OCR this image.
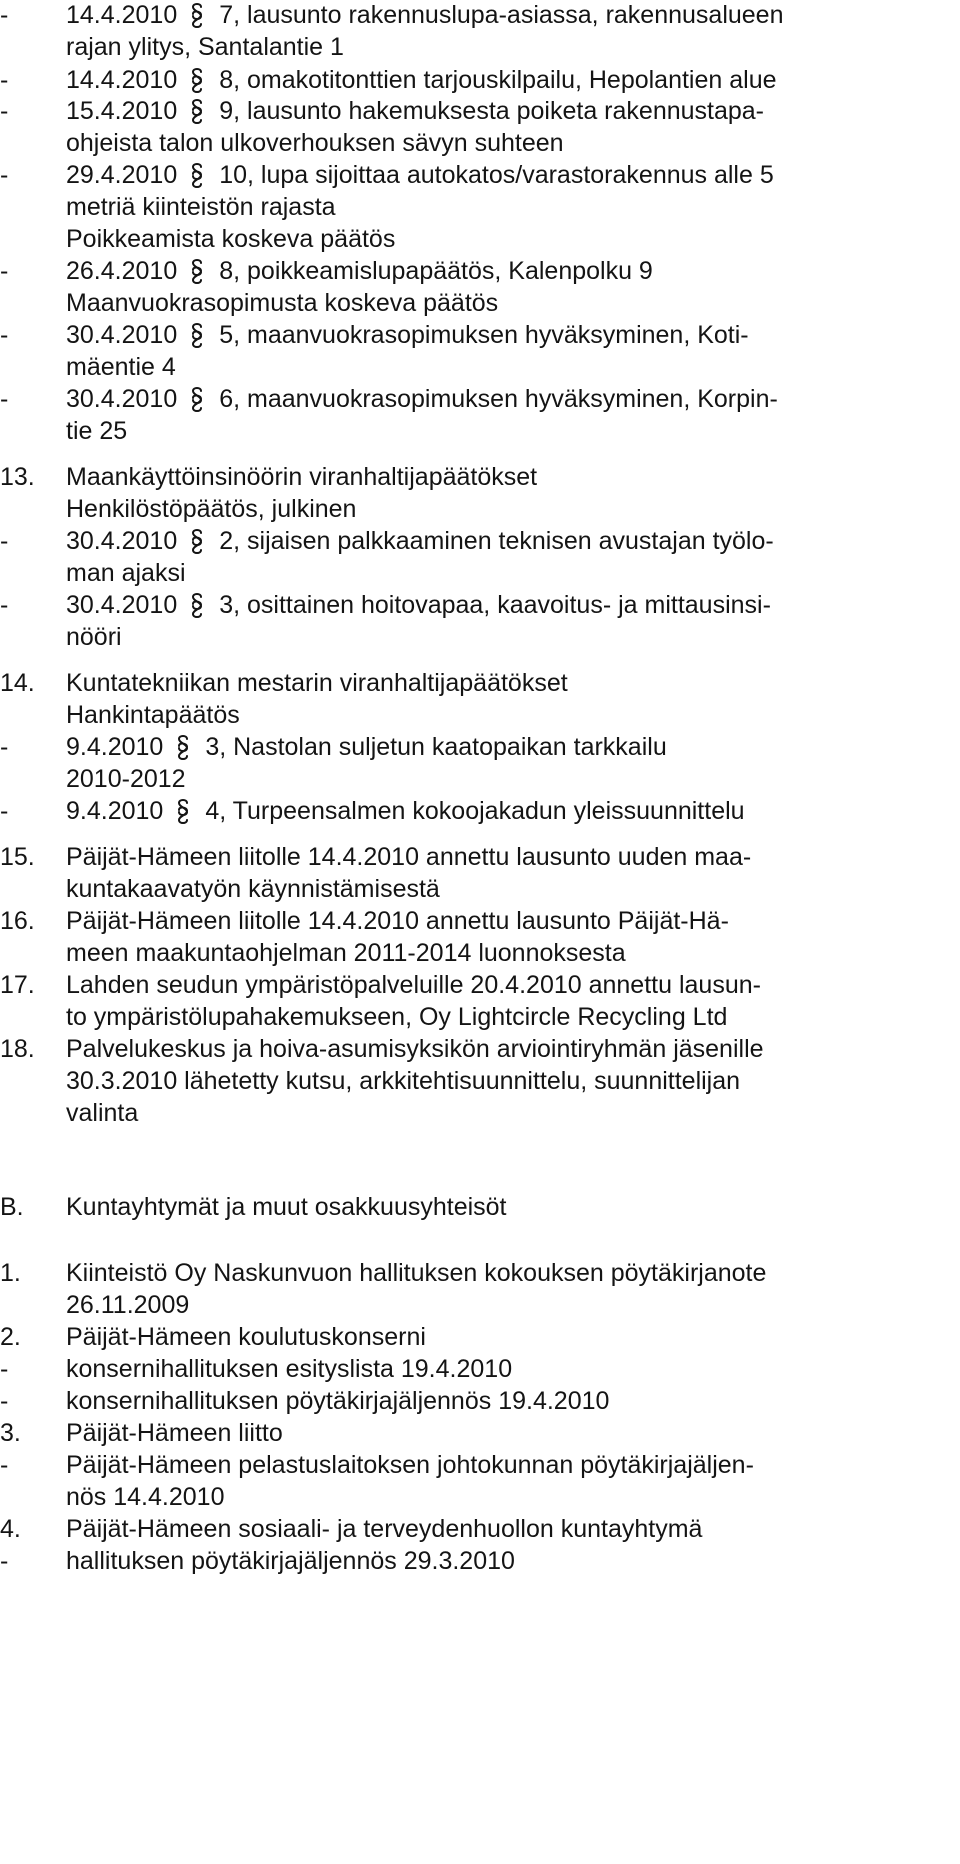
- 14.4.2010 7, lausunto rakennuslupa-asiassa, rakennusalueen
rajan ylitys, Santalantie 1
- 14.4.2010 8, omakotitonttien tarjouskilpailu, Hepolantien alue
- 15.4.2010 9, lausunto hakemuksesta poiketa rakennustapa-
ohjeista talon ulkoverhouksen sävyn suhteen
- 29.4.2010 10, lupa sijoittaa autokatos/varastorakennus alle 5
metriä kiinteistön rajasta
Poikkeamista koskeva päätös
- 26.4.2010 8, poikkeamislupapäätös, Kalenpolku 9
Maanvuokrasopimusta koskeva päätös
- 30.4.2010 5, maanvuokrasopimuksen hyväksyminen, Koti-
mäentie 4
- 30.4.2010 6, maanvuokrasopimuksen hyväksyminen, Korpin-
tie 25
13. Maankäyttöinsinöörin viranhaltijapäätökset
Henkilöstöpäätös, julkinen
- 30.4.2010 2, sijaisen palkkaaminen teknisen avustajan työlo-
man ajaksi
- 30.4.2010 3, osittainen hoitovapaa, kaavoitus- ja mittausinsi-
nööri
14. Kuntatekniikan mestarin viranhaltijapäätökset
Hankintapäätös
- 9.4.2010 3, Nastolan suljetun kaatopaikan tarkkailu
2010-2012
- 9.4.2010 4, Turpeensalmen kokoojakadun yleissuunnittelu
15. Päijät-Hämeen liitolle 14.4.2010 annettu lausunto uuden maa-
kuntakaavatyön käynnistämisestä
16. Päijät-Hämeen liitolle 14.4.2010 annettu lausunto Päijät-Hä-
meen maakuntaohjelman 2011-2014 luonnoksesta
17. Lahden seudun ympäristöpalveluille 20.4.2010 annettu lausun-
to ympäristölupahakemukseen, Oy Lightcircle Recycling Ltd
18. Palvelukeskus ja hoiva-asumisyksikön arviointiryhmän jäsenille
30.3.2010 lähetetty kutsu, arkkitehtisuunnittelu, suunnittelijan
valinta
B. Kuntayhtymät ja muut osakkuusyhteisöt
1. Kiinteistö Oy Naskunvuon hallituksen kokouksen pöytäkirjanote
26.11.2009
2. Päijät-Hämeen koulutuskonserni
- konsernihallituksen esityslista 19.4.2010
- konsernihallituksen pöytäkirjajäljennös 19.4.2010
3. Päijät-Hämeen liitto
- Päijät-Hämeen pelastuslaitoksen johtokunnan pöytäkirjajäljen-
nös 14.4.2010
4. Päijät-Hämeen sosiaali- ja terveydenhuollon kuntayhtymä
- hallituksen pöytäkirjajäljennös 29.3.2010
